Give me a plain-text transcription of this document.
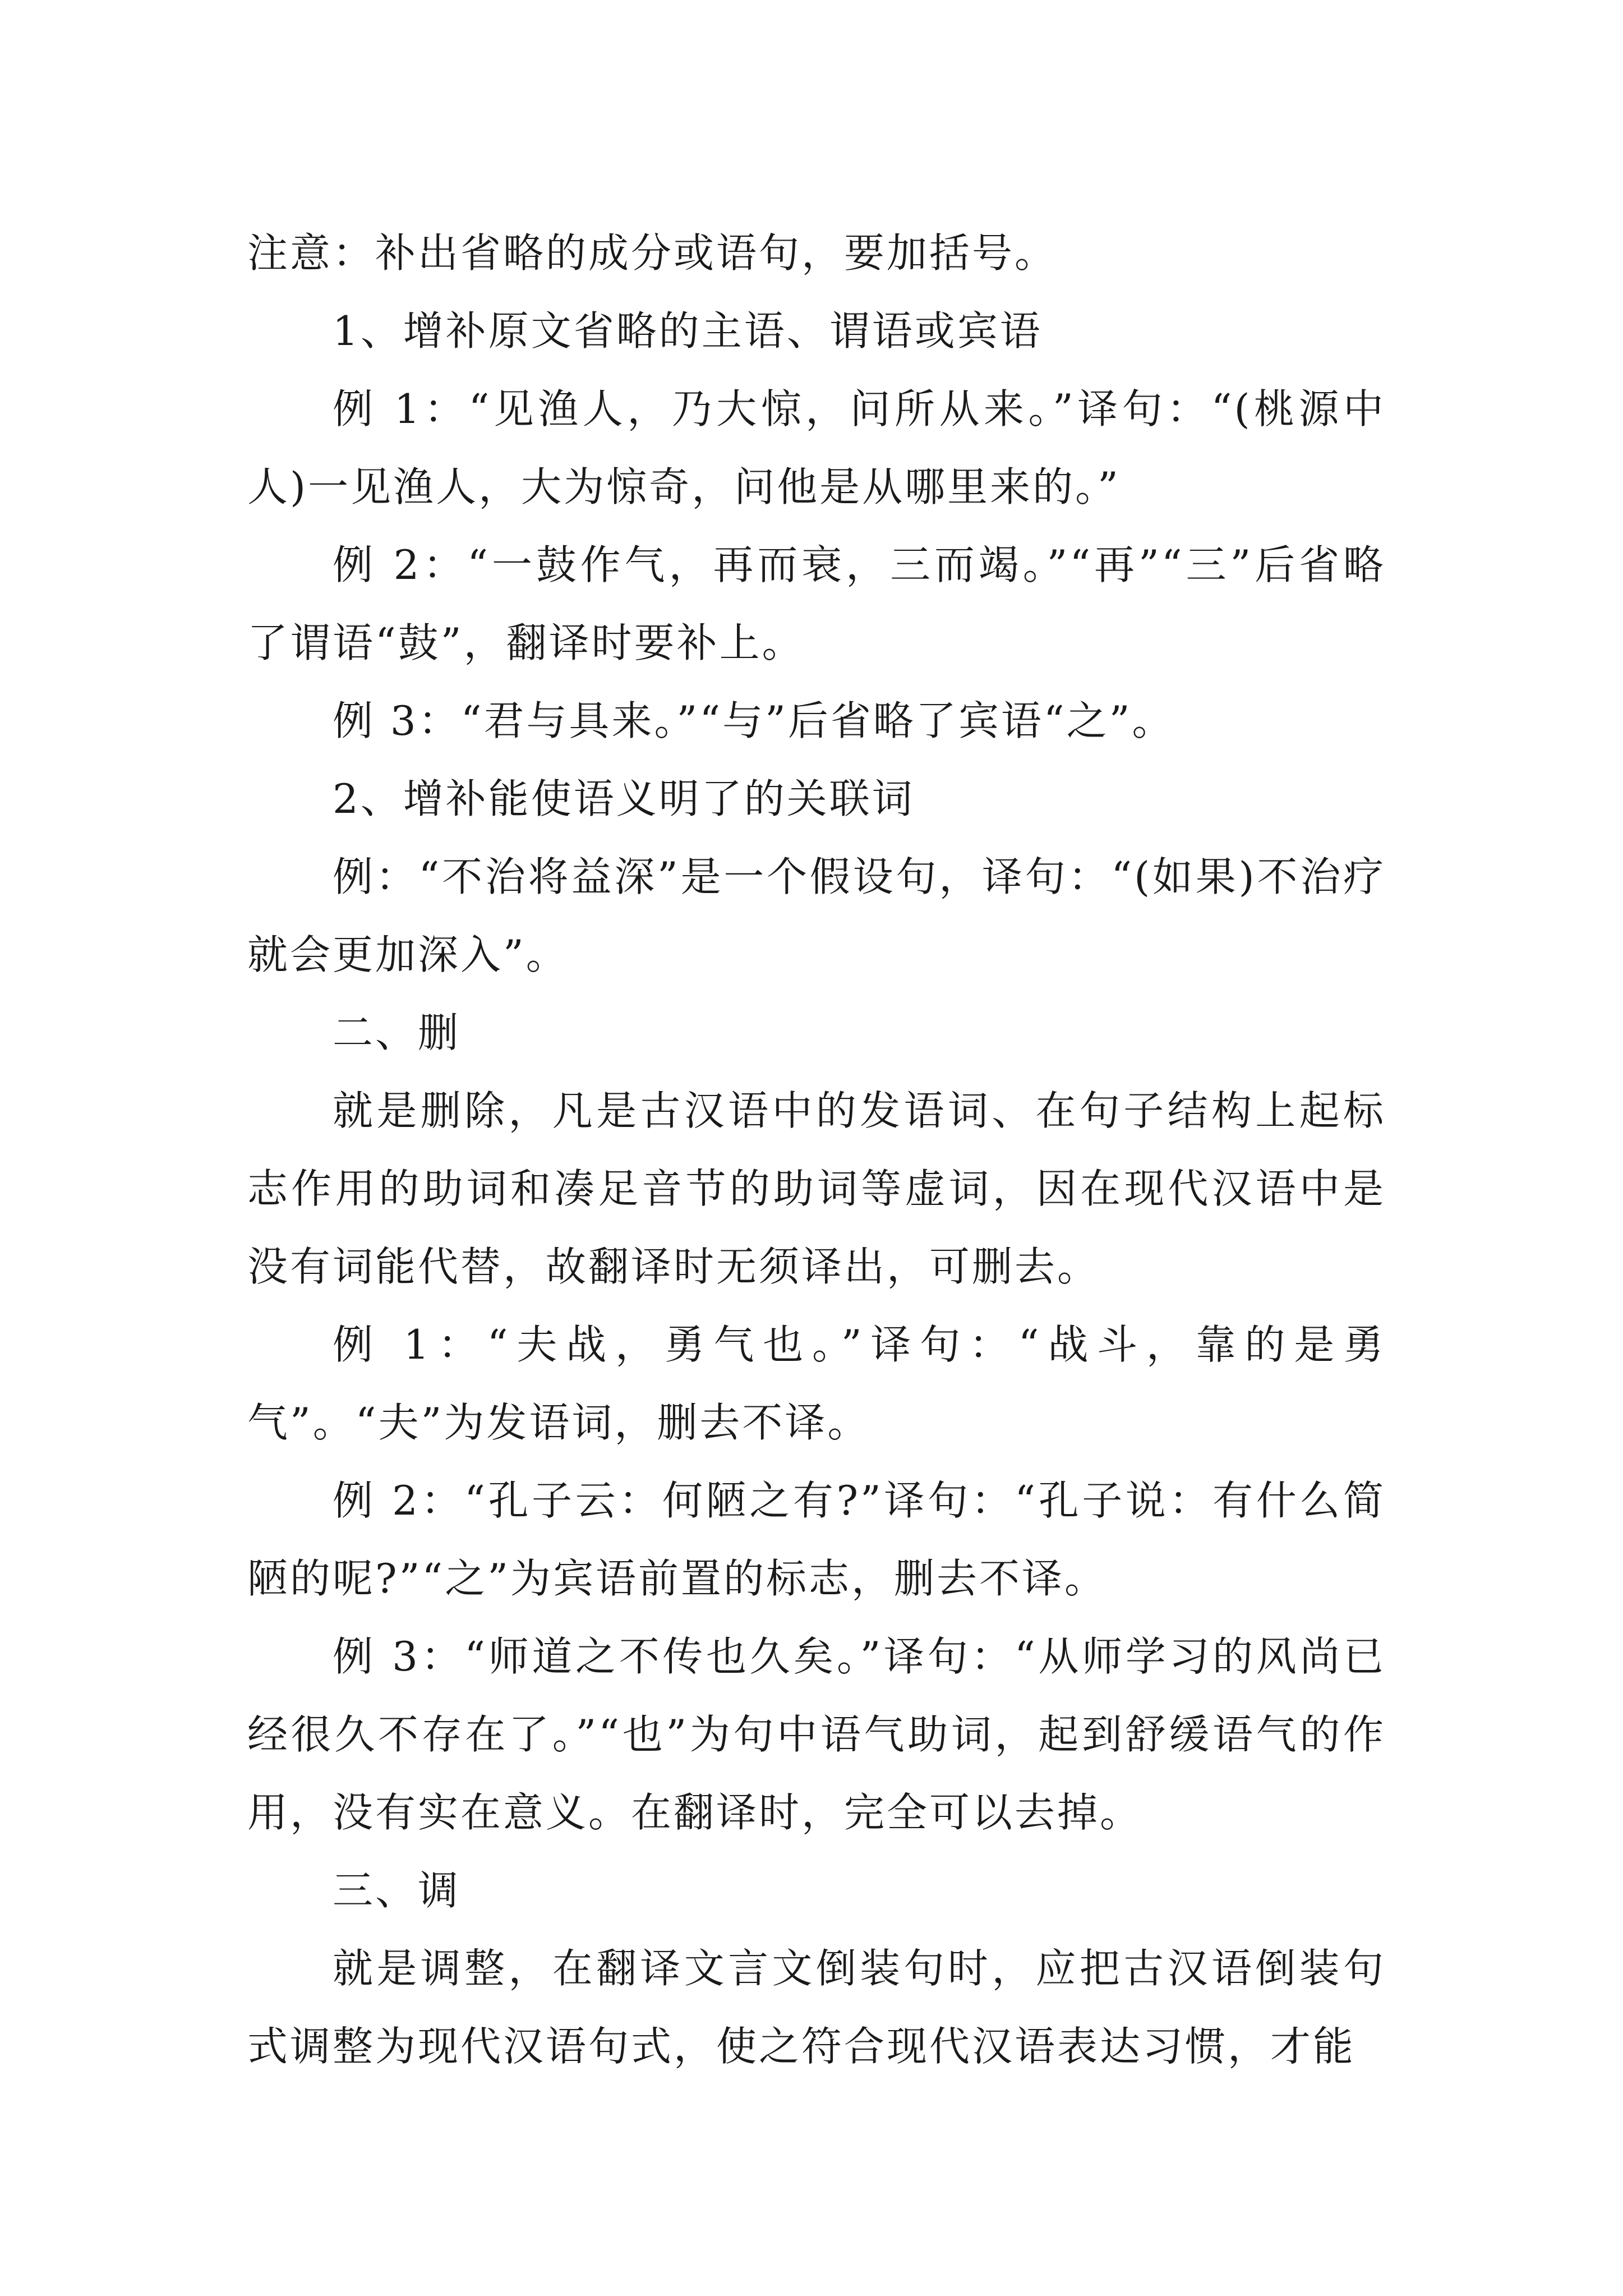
注意：补出省略的成分或语句，要加括号。

1、增补原文省略的主语、谓语或宾语

例 1：“见渔人，乃大惊，问所从来。”译句：“(桃源中人)一见渔人，大为惊奇，问他是从哪里来的。”

例 2：“一鼓作气，再而衰，三而竭。”“再”“三”后省略了谓语“鼓”，翻译时要补上。

例 3：“君与具来。”“与”后省略了宾语“之”。

2、增补能使语义明了的关联词

例：“不治将益深”是一个假设句，译句：“(如果)不治疗就会更加深入”。

二、删

就是删除，凡是古汉语中的发语词、在句子结构上起标志作用的助词和凑足音节的助词等虚词，因在现代汉语中是没有词能代替，故翻译时无须译出，可删去。

例 1：“夫战，勇气也。”译句：“战斗，靠的是勇气”。“夫”为发语词，删去不译。

例 2：“孔子云：何陋之有?”译句：“孔子说：有什么简陋的呢?”“之”为宾语前置的标志，删去不译。

例 3：“师道之不传也久矣。”译句：“从师学习的风尚已经很久不存在了。”“也”为句中语气助词，起到舒缓语气的作用，没有实在意义。在翻译时，完全可以去掉。

三、调

就是调整，在翻译文言文倒装句时，应把古汉语倒装句式调整为现代汉语句式，使之符合现代汉语表达习惯，才能
